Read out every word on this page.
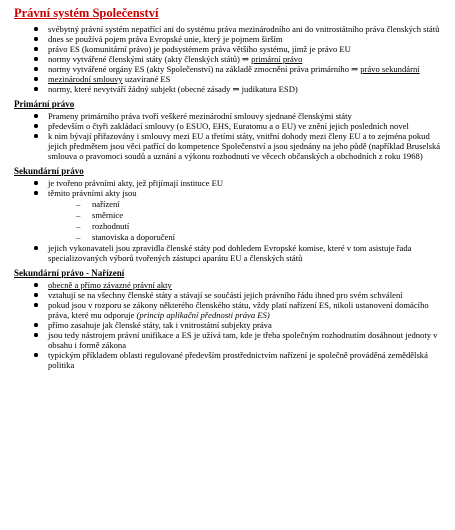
Právní systém Společenství
svébytný právní systém nepatřící ani do systému práva mezinárodního ani do vnitrostátního práva členských států
dnes se používá pojem práva Evropské unie, který je pojmem širším
právo ES (komunitární právo) je podsystémem práva většího systému, jímž je právo EU
normy vytvářené členskými státy (akty členských států) ⇒ primární právo
normy vytvářené orgány ES (akty Společenství) na základě zmocnění práva primárního ⇒ právo sekundární
mezinárodní smlouvy uzavírané ES
normy, které nevytváří žádný subjekt (obecné zásady ⇒ judikatura ESD)
Primární právo
Prameny primárního práva tvoří veškeré mezinárodní smlouvy sjednané členskými státy
především o čtyři zakládací smlouvy (o ESUO, EHS, Euratomu a o EU) ve znění jejich posledních novel
k nim bývají přiřazovány i smlouvy mezi EU a třetími státy, vnitřní dohody mezi členy EU a to zejména pokud jejich předmětem jsou věci patřící do kompetence Společenství a jsou sjednány na jeho půdě (například Bruselská smlouva o pravomoci soudů a uznání a výkonu rozhodnutí ve věcech občanských a obchodních z roku 1968)
Sekundární právo
je tvořeno právními akty, jež přijímají instituce EU
těmito právními akty jsou
– nařízení
– směrnice
– rozhodnutí
– stanoviska a doporučení
jejich vykonavateli jsou zpravidla členské státy pod dohledem Evropské komise, které v tom asistuje řada specializovaných výborů tvořených zástupci aparátu EU a členských států
Sekundární právo - Nařízení
obecně a přímo závazné právní akty
vztahují se na všechny členské státy a stávají se součástí jejich právního řádu ihned pro svém schválení
pokud jsou v rozporu se zákony některého členského státu, vždy platí nařízení ES, nikoli ustanovení domácího práva, které mu odporuje (princip aplikační přednosti práva ES)
přímo zasahuje jak členské státy, tak i vnitrostátní subjekty práva
jsou tedy nástrojem právní unifikace a ES je užívá tam, kde je třeba společným rozhodnutím dosáhnout jednoty v obsahu i formě zákona
typickým příkladem oblasti regulované především prostřednictvím nařízení je společně prováděná zemědělská politika
